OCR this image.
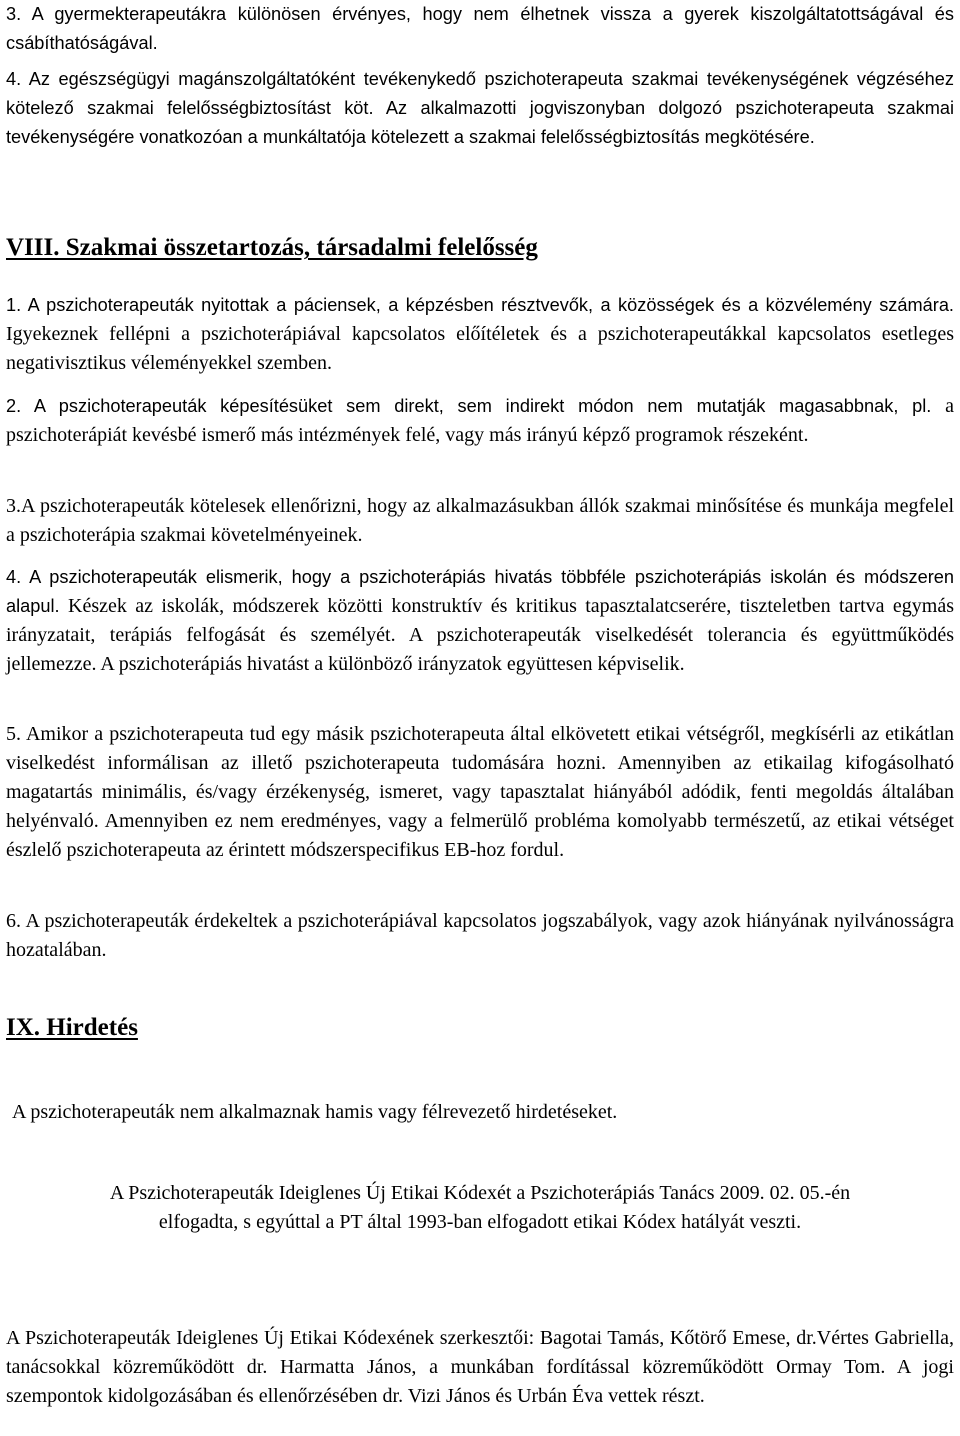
3. A gyermekterapeutákra különösen érvényes, hogy nem élhetnek vissza a gyerek kiszolgáltatottságával és csábíthatóságával.

4. Az egészségügyi magánszolgáltatóként tevékenykedő pszichoterapeuta szakmai tevékenységének végzéséhez kötelező szakmai felelősségbiztosítást köt. Az alkalmazotti jogviszonyban dolgozó pszichoterapeuta szakmai tevékenységére vonatkozóan a munkáltatója kötelezett a szakmai felelősségbiztosítás megkötésére.

VIII. Szakmai összetartozás, társadalmi felelősség

1. A pszichoterapeuták nyitottak a páciensek, a képzésben résztvevők, a közösségek és a közvélemény számára. Igyekeznek fellépni a pszichoterápiával kapcsolatos előítéletek és a pszichoterapeutákkal kapcsolatos esetleges negativisztikus véleményekkel szemben.

2. A pszichoterapeuták képesítésüket sem direkt, sem indirekt módon nem mutatják magasabbnak, pl. a pszichoterápiát kevésbé ismerő más intézmények felé, vagy más irányú képző programok részeként.

3.A pszichoterapeuták kötelesek ellenőrizni, hogy az alkalmazásukban állók szakmai minősítése és munkája megfelel a pszichoterápia szakmai követelményeinek.

4. A pszichoterapeuták elismerik, hogy a pszichoterápiás hivatás többféle pszichoterápiás iskolán és módszeren alapul. Készek az iskolák, módszerek közötti konstruktív és kritikus tapasztalatcserére, tiszteletben tartva egymás irányzatait, terápiás felfogását és személyét. A pszichoterapeuták viselkedését tolerancia és együttműködés jellemezze. A pszichoterápiás hivatást a különböző irányzatok együttesen képviselik.

5. Amikor a pszichoterapeuta tud egy másik pszichoterapeuta által elkövetett etikai vétségről, megkísérli az etikátlan viselkedést informálisan az illető pszichoterapeuta tudomására hozni. Amennyiben az etikailag kifogásolható magatartás minimális, és/vagy érzékenység, ismeret, vagy tapasztalat hiányából adódik, fenti megoldás általában helyénvaló. Amennyiben ez nem eredményes, vagy a felmerülő probléma komolyabb természetű, az etikai vétséget észlelő pszichoterapeuta az érintett módszerspecifikus EB-hoz fordul.

6. A pszichoterapeuták érdekeltek a pszichoterápiával kapcsolatos jogszabályok, vagy azok hiányának nyilvánosságra hozatalában.

IX. Hirdetés

A pszichoterapeuták nem alkalmaznak hamis vagy félrevezető hirdetéseket.

A Pszichoterapeuták Ideiglenes Új Etikai Kódexét a Pszichoterápiás Tanács 2009. 02. 05.-én

elfogadta, s egyúttal a PT által 1993-ban elfogadott etikai Kódex hatályát veszti.

A Pszichoterapeuták Ideiglenes Új Etikai Kódexének szerkesztői: Bagotai Tamás, Kőtörő Emese, dr.Vértes Gabriella, tanácsokkal közreműködött dr. Harmatta János, a munkában fordítással közreműködött Ormay Tom. A jogi szempontok kidolgozásában és ellenőrzésében dr. Vizi János és Urbán Éva vettek részt.
